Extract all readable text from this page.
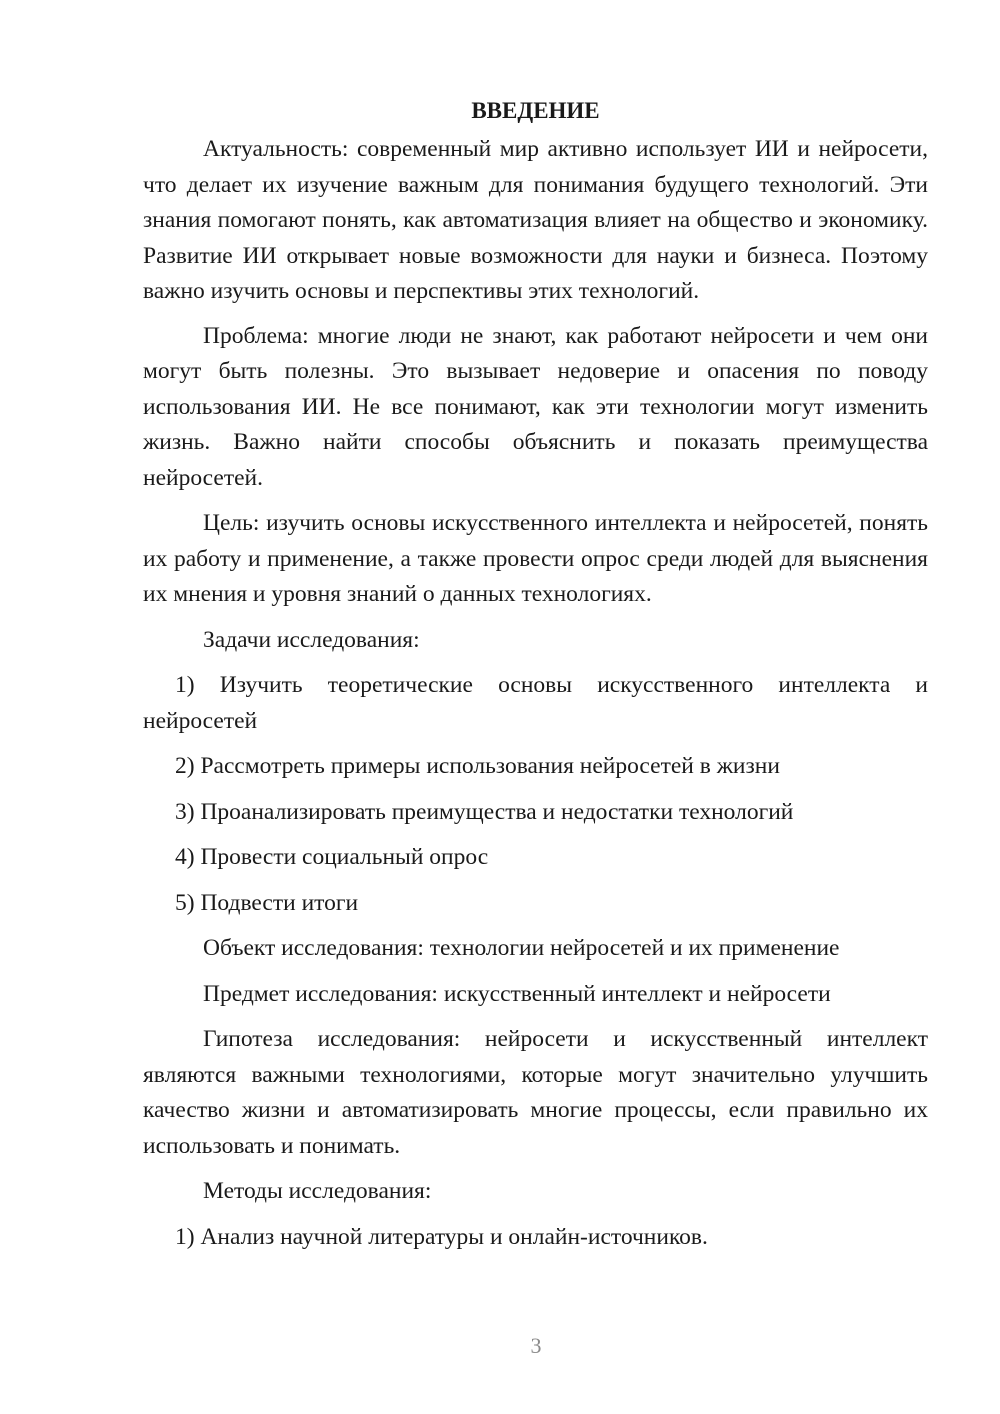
ВВЕДЕНИЕ

Актуальность: современный мир активно использует ИИ и нейросети, что делает их изучение важным для понимания будущего технологий. Эти знания помогают понять, как автоматизация влияет на общество и экономику. Развитие ИИ открывает новые возможности для науки и бизнеса. Поэтому важно изучить основы и перспективы этих технологий.

Проблема: многие люди не знают, как работают нейросети и чем они могут быть полезны. Это вызывает недоверие и опасения по поводу использования ИИ. Не все понимают, как эти технологии могут изменить жизнь. Важно найти способы объяснить и показать преимущества нейросетей.

Цель: изучить основы искусственного интеллекта и нейросетей, понять их работу и применение, а также провести опрос среди людей для выяснения их мнения и уровня знаний о данных технологиях.

Задачи исследования:

1) Изучить теоретические основы искусственного интеллекта и нейросетей

2) Рассмотреть примеры использования нейросетей в жизни

3) Проанализировать преимущества и недостатки технологий

4) Провести социальный опрос

5) Подвести итоги

Объект исследования: технологии нейросетей и их применение

Предмет исследования: искусственный интеллект и нейросети

Гипотеза исследования: нейросети и искусственный интеллект являются важными технологиями, которые могут значительно улучшить качество жизни и автоматизировать многие процессы, если правильно их использовать и понимать.

Методы исследования:

1) Анализ научной литературы и онлайн-источников.

3
